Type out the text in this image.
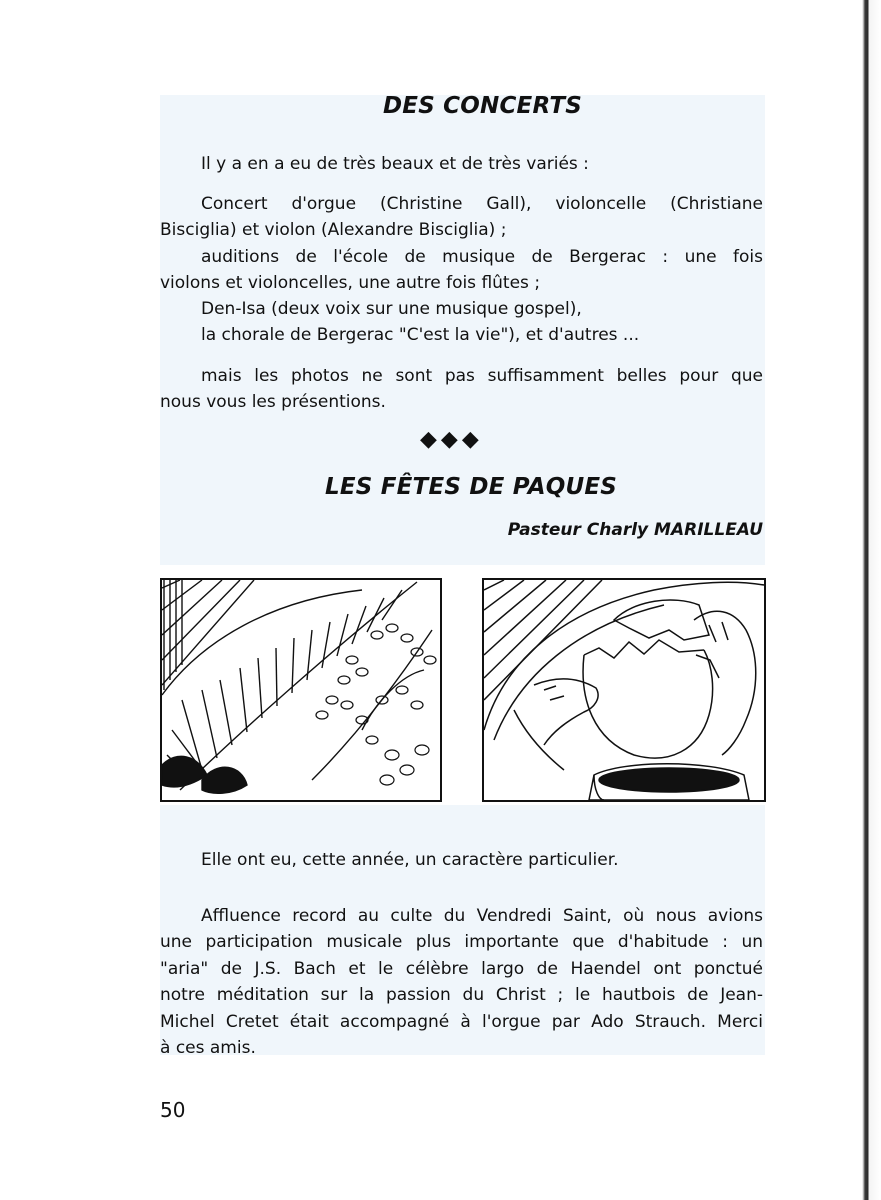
DES CONCERTS

Il y a en a eu de très beaux et de très variés :

Concert d'orgue (Christine Gall), violoncelle (Christiane

Bisciglia) et violon (Alexandre Bisciglia) ;

auditions de l'école de musique de Bergerac : une fois

violons et violoncelles, une autre fois flûtes ;

Den-Isa (deux voix sur une musique gospel),

la chorale de Bergerac "C'est la vie"), et d'autres ...

mais les photos ne sont pas suffisamment belles pour que

nous vous les présentions.

◆◆◆
LES FÊTES DE PAQUES
Pasteur Charly MARILLEAU

Elle ont eu, cette année, un caractère particulier.

Affluence record au culte du Vendredi Saint, où nous avions

une participation musicale plus importante que d'habitude : un

"aria" de J.S. Bach et le célèbre largo de Haendel ont ponctué

notre méditation sur la passion du Christ ; le hautbois de Jean-

Michel Cretet était accompagné à l'orgue par Ado Strauch. Merci

à ces amis.

50
